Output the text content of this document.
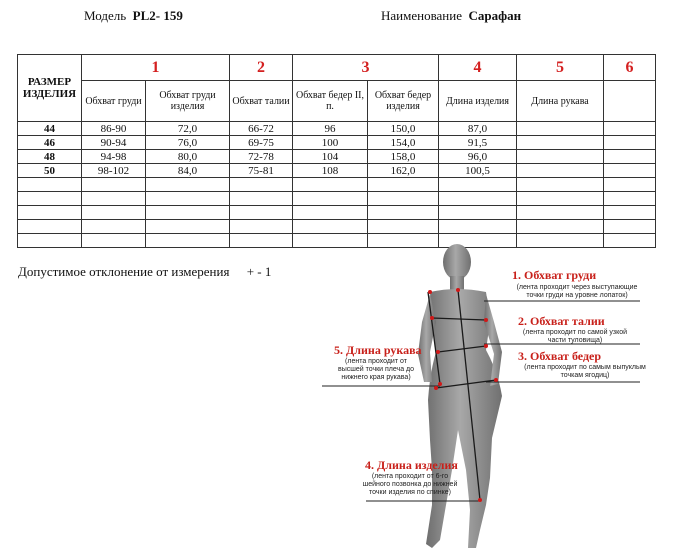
Модель PL2- 159	Наименование Сарафан
РАЗМЕР ИЗДЕЛИЯ	1		2	3		4	5	6
	Обхват груди	Обхват груди изделия	Обхват талии	Обхват бедер II, п.	Обхват бедер изделия	Длина изделия	Длина рукава	
44	86-90	72,0	66-72	96	150,0	87,0		
46	90-94	76,0	69-75	100	154,0	91,5		
48	94-98	80,0	72-78	104	158,0	96,0		
50	98-102	84,0	75-81	108	162,0	100,5		

Допустимое отклонение от измерения + - 1	1. Обхват груди
(лента проходит через выступающие
точки груди на уровне лопаток)
2. Обхват талии
(лента проходит по самой узкой
части туловища)
3. Обхват бедер
(лента проходит по самым выпуклым точкам ягодиц)
5. Длина рукава
(лента проходит от
высшей точки плеча до
нижнего края рукава)
4. Длина изделия
(лента проходит от 6-го
шейного позвонка до нижней
точки изделия по спинке)
